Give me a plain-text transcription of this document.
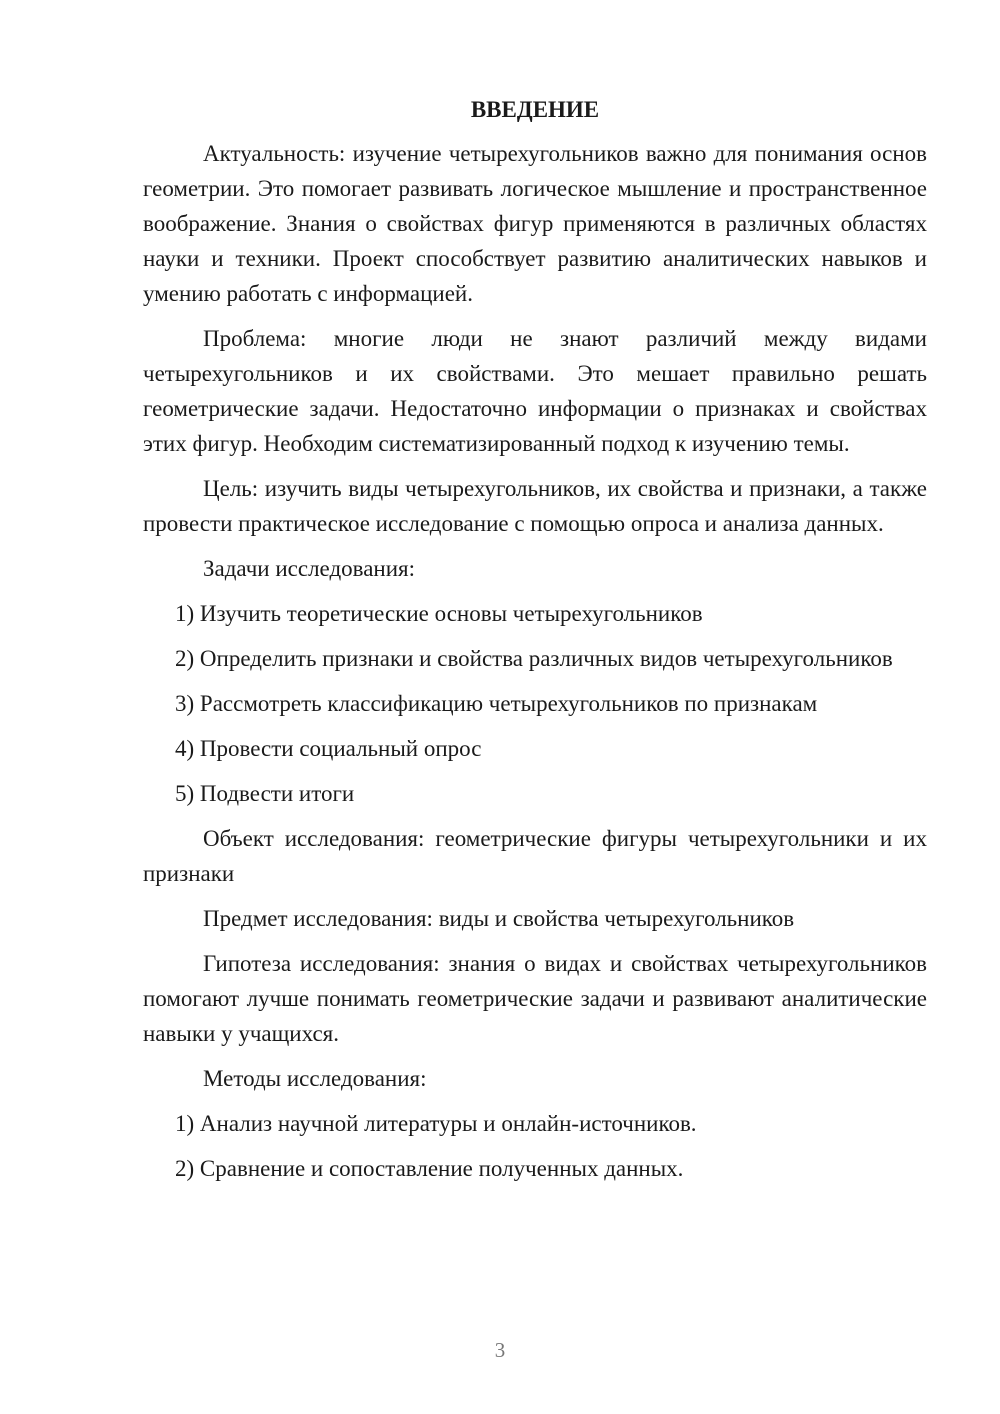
ВВЕДЕНИЕ

Актуальность: изучение четырехугольников важно для понимания основ геометрии. Это помогает развивать логическое мышление и пространственное воображение. Знания о свойствах фигур применяются в различных областях науки и техники. Проект способствует развитию аналитических навыков и умению работать с информацией.

Проблема: многие люди не знают различий между видами четырехугольников и их свойствами. Это мешает правильно решать геометрические задачи. Недостаточно информации о признаках и свойствах этих фигур. Необходим систематизированный подход к изучению темы.

Цель: изучить виды четырехугольников, их свойства и признаки, а также провести практическое исследование с помощью опроса и анализа данных.

Задачи исследования:

1) Изучить теоретические основы четырехугольников

2) Определить признаки и свойства различных видов четырехугольников

3) Рассмотреть классификацию четырехугольников по признакам

4) Провести социальный опрос

5) Подвести итоги

Объект исследования: геометрические фигуры четырехугольники и их признаки

Предмет исследования: виды и свойства четырехугольников

Гипотеза исследования: знания о видах и свойствах четырехугольников помогают лучше понимать геометрические задачи и развивают аналитические навыки у учащихся.

Методы исследования:

1) Анализ научной литературы и онлайн-источников.

2) Сравнение и сопоставление полученных данных.

3
